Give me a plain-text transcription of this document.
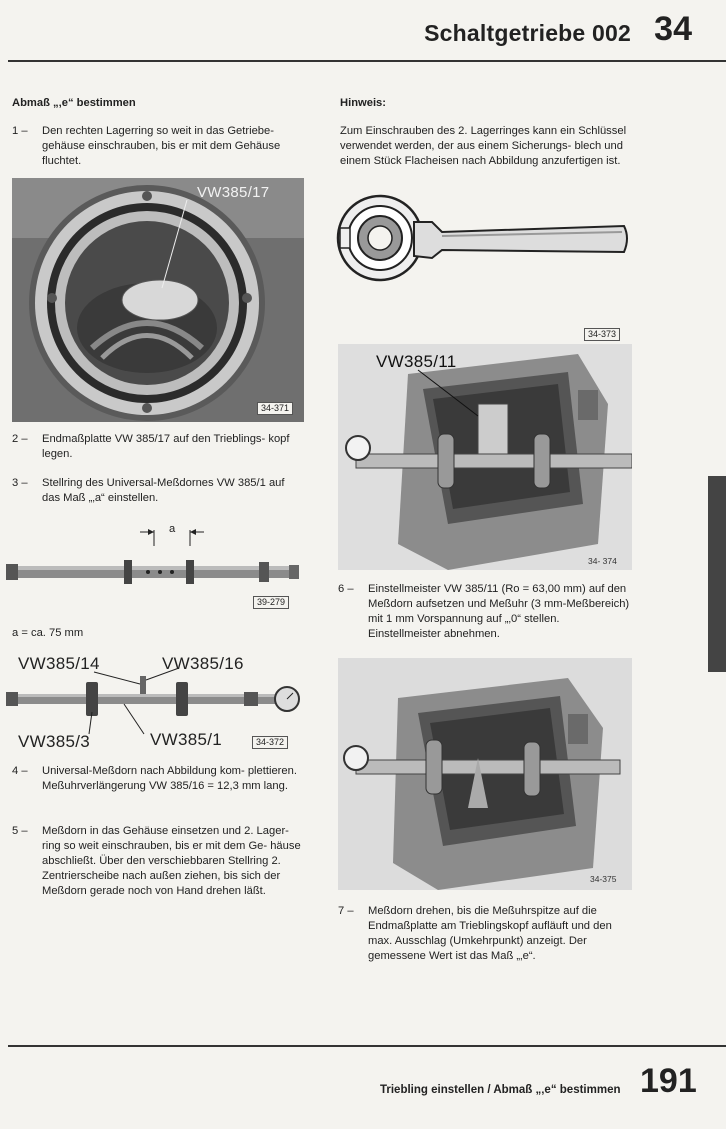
Schaltgetriebe 002 34
Abmaß „‚e“ bestimmen
1 –	Den rechten Lagerring so weit in das Getriebe- gehäuse einschrauben, bis er mit dem Gehäuse fluchtet.
VW385/17
34-371
2 –	Endmaßplatte VW 385/17 auf den Trieblings- kopf legen.
3 –	Stellring des Universal-Meßdornes VW 385/1 auf das Maß „‚a“ einstellen.
a
39-279
a = ca. 75 mm
VW385/14	VW385/16
VW385/3	VW385/1	34-372
4 –	Universal-Meßdorn nach Abbildung kom- plettieren. Meßuhrverlängerung VW 385/16 = 12,3 mm lang.
5 –	Meßdorn in das Gehäuse einsetzen und 2. Lager- ring so weit einschrauben, bis er mit dem Ge- häuse abschließt. Über den verschiebbaren Stellring 2. Zentrierscheibe nach außen ziehen, bis sich der Meßdorn gerade noch von Hand drehen läßt.
Hinweis:
Zum Einschrauben des 2. Lagerringes kann ein Schlüssel verwendet werden, der aus einem Sicherungs- blech und einem Stück Flacheisen nach Abbildung anzufertigen ist.
34-373
VW385/11
34- 374
6 –	Einstellmeister VW 385/11 (Ro = 63,00 mm) auf den Meßdorn aufsetzen und Meßuhr (3 mm-Meßbereich) mit 1 mm Vorspannung auf „‚0“ stellen. Einstellmeister abnehmen.
34-375
7 –	Meßdorn drehen, bis die Meßuhrspitze auf die Endmaßplatte am Trieblingskopf aufläuft und den max. Ausschlag (Umkehrpunkt) anzeigt. Der gemessene Wert ist das Maß „‚e“.
Triebling einstellen / Abmaß „‚e“ bestimmen 191
